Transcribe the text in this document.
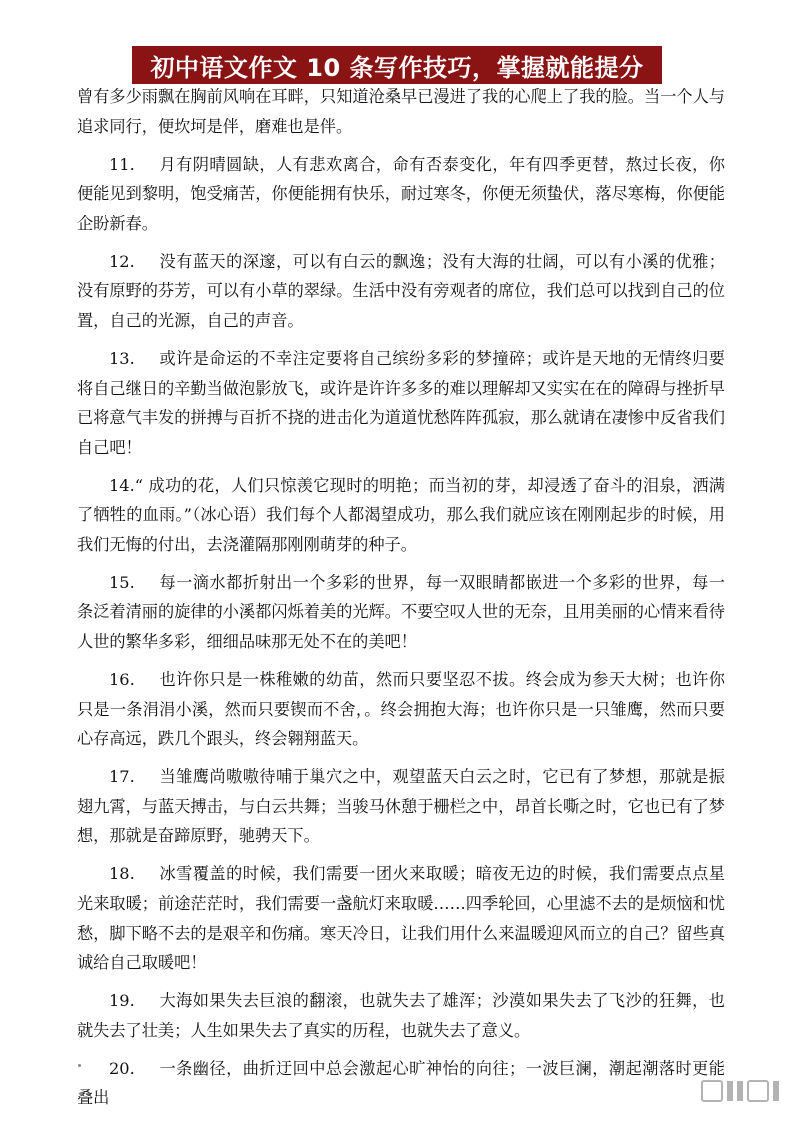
初中语文作文 10 条写作技巧，掌握就能提分

曾有多少雨飘在胸前风响在耳畔，只知道沧桑早已漫进了我的心爬上了我的脸。当一个人与追求同行，便坎坷是伴，磨难也是伴。

11.   月有阴晴圆缺，人有悲欢离合，命有否泰变化，年有四季更替，熬过长夜，你便能见到黎明，饱受痛苦，你便能拥有快乐，耐过寒冬，你便无须蛰伏，落尽寒梅，你便能企盼新春。

12.   没有蓝天的深邃，可以有白云的飘逸；没有大海的壮阔，可以有小溪的优雅；没有原野的芬芳，可以有小草的翠绿。生活中没有旁观者的席位，我们总可以找到自己的位置，自己的光源，自己的声音。

13.   或许是命运的不幸注定要将自己缤纷多彩的梦撞碎；或许是天地的无情终归要将自己继日的辛勤当做泡影放飞，或许是许许多多的难以理解却又实实在在的障碍与挫折早已将意气丰发的拼搏与百折不挠的进击化为道道忧愁阵阵孤寂，那么就请在凄惨中反省我们自己吧！

14.“ 成功的花，人们只惊羡它现时的明艳；而当初的芽，却浸透了奋斗的泪泉，洒满了牺牲的血雨。”（冰心语）我们每个人都渴望成功，那么我们就应该在刚刚起步的时候，用我们无悔的付出，去浇灌隔那刚刚萌芽的种子。

15.   每一滴水都折射出一个多彩的世界，每一双眼睛都嵌进一个多彩的世界，每一条泛着清丽的旋律的小溪都闪烁着美的光辉。不要空叹人世的无奈，且用美丽的心情来看待人世的繁华多彩，细细品味那无处不在的美吧！

16.   也许你只是一株稚嫩的幼苗，然而只要坚忍不拔。终会成为参天大树；也许你只是一条涓涓小溪，然而只要锲而不舍，。终会拥抱大海；也许你只是一只雏鹰，然而只要心存高远，跌几个跟头，终会翱翔蓝天。

17.   当雏鹰尚嗷嗷待哺于巢穴之中，观望蓝天白云之时，它已有了梦想，那就是振翅九霄，与蓝天搏击，与白云共舞；当骏马休憩于栅栏之中，昂首长嘶之时，它也已有了梦想，那就是奋蹄原野，驰骋天下。

18.   冰雪覆盖的时候，我们需要一团火来取暖；暗夜无边的时候，我们需要点点星光来取暖；前途茫茫时，我们需要一盏航灯来取暖……四季轮回，心里滤不去的是烦恼和忧愁，脚下略不去的是艰辛和伤痛。寒天冷日，让我们用什么来温暖迎风而立的自己？留些真诚给自己取暖吧！

19.   大海如果失去巨浪的翻滚，也就失去了雄浑；沙漠如果失去了飞沙的狂舞，也就失去了壮美；人生如果失去了真实的历程，也就失去了意义。

20.   一条幽径，曲折迂回中总会激起心旷神怡的向往；一波巨澜，潮起潮落时更能叠出
